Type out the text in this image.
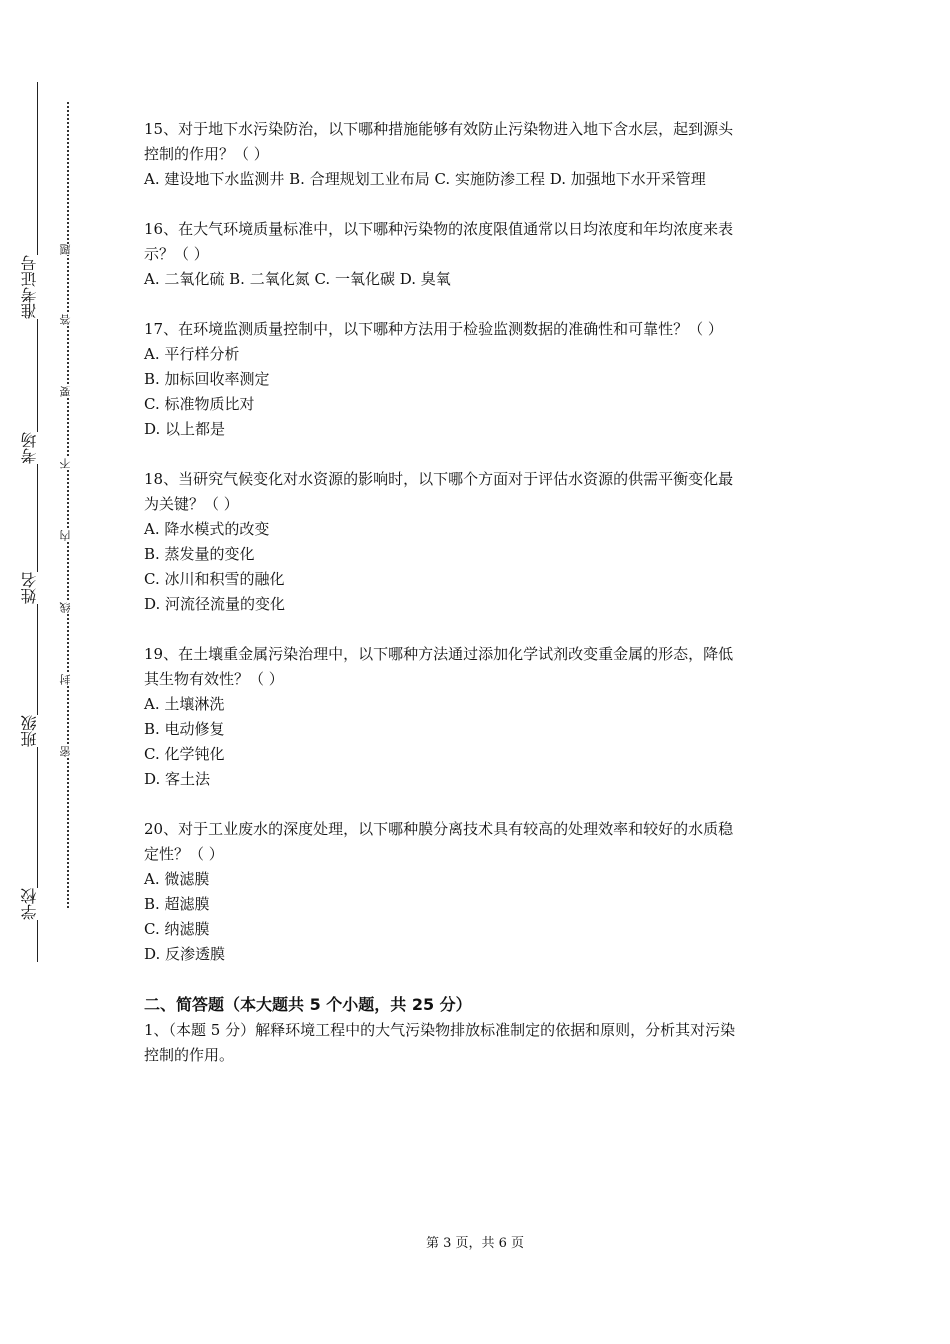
准考证号
考场
姓名
班级
学校
题
答
要
不
内
线
封
密

15、对于地下水污染防治，以下哪种措施能够有效防止污染物进入地下含水层，起到源头

控制的作用？（ ）

A. 建设地下水监测井 B. 合理规划工业布局 C. 实施防渗工程 D. 加强地下水开采管理

16、在大气环境质量标准中，以下哪种污染物的浓度限值通常以日均浓度和年均浓度来表

示？（ ）

A. 二氧化硫 B. 二氧化氮 C. 一氧化碳 D. 臭氧

17、在环境监测质量控制中，以下哪种方法用于检验监测数据的准确性和可靠性？（ ）

A. 平行样分析

B. 加标回收率测定

C. 标准物质比对

D. 以上都是

18、当研究气候变化对水资源的影响时，以下哪个方面对于评估水资源的供需平衡变化最

为关键？（ ）

A. 降水模式的改变

B. 蒸发量的变化

C. 冰川和积雪的融化

D. 河流径流量的变化

19、在土壤重金属污染治理中，以下哪种方法通过添加化学试剂改变重金属的形态，降低

其生物有效性？（ ）

A. 土壤淋洗

B. 电动修复

C. 化学钝化

D. 客土法

20、对于工业废水的深度处理，以下哪种膜分离技术具有较高的处理效率和较好的水质稳

定性？（ ）

A. 微滤膜

B. 超滤膜

C. 纳滤膜

D. 反渗透膜

二、简答题（本大题共 5 个小题，共 25 分）

1、（本题 5 分）解释环境工程中的大气污染物排放标准制定的依据和原则，分析其对污染

控制的作用。

第 3 页，共 6 页
